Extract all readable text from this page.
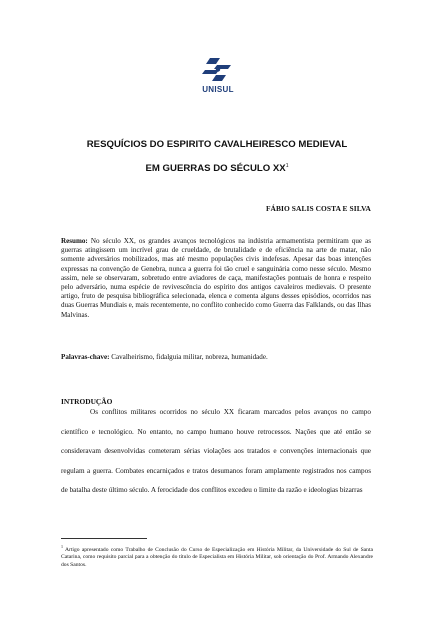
UNISUL
RESQUÍCIOS DO ESPIRITO CAVALHEIRESCO MEDIEVAL
EM GUERRAS DO SÉCULO $XX^1$
FÁBIO SALIS COSTA E SILVA
Resumo: No século XX, os grandes avanços tecnológicos na indústria armamentista permitiram que as guerras atingissem um incrível grau de crueldade, de brutalidade e de eficiência na arte de matar, não somente adversários mobilizados, mas até mesmo populações civis indefesas. Apesar das boas intenções expressas na convenção de Genebra, nunca a guerra foi tão cruel e sanguinária como nesse século. Mesmo assim, nele se observaram, sobretudo entre aviadores de caça, manifestações pontuais de honra e respeito pelo adversário, numa espécie de revivescência do espírito dos antigos cavaleiros medievais. O presente artigo, fruto de pesquisa bibliográfica selecionada, elenca e comenta alguns desses episódios, ocorridos nas duas Guerras Mundiais e, mais recentemente, no conflito conhecido como Guerra das Falklands, ou das Ilhas Malvinas.
Palavras-chave: Cavalheirismo, fidalguia militar, nobreza, humanidade.
INTRODUÇÃO
Os conflitos militares ocorridos no século XX ficaram marcados pelos avanços no campo científico e tecnológico. No entanto, no campo humano houve retrocessos. Nações que até então se consideravam desenvolvidas cometeram sérias violações aos tratados e convenções internacionais que regulam a guerra. Combates encarniçados e tratos desumanos foram amplamente registrados nos campos de batalha deste último século. A ferocidade dos conflitos excedeu o limite da razão e ideologias bizarras
$^1$ Artigo apresentado como Trabalho de Conclusão do Curso de Especialização em História Militar, da Universidade do Sul de Santa Catarina, como requisito parcial para a obtenção do título de Especialista em História Militar, sob orientação do Prof. Armando Alexandre dos Santos.
